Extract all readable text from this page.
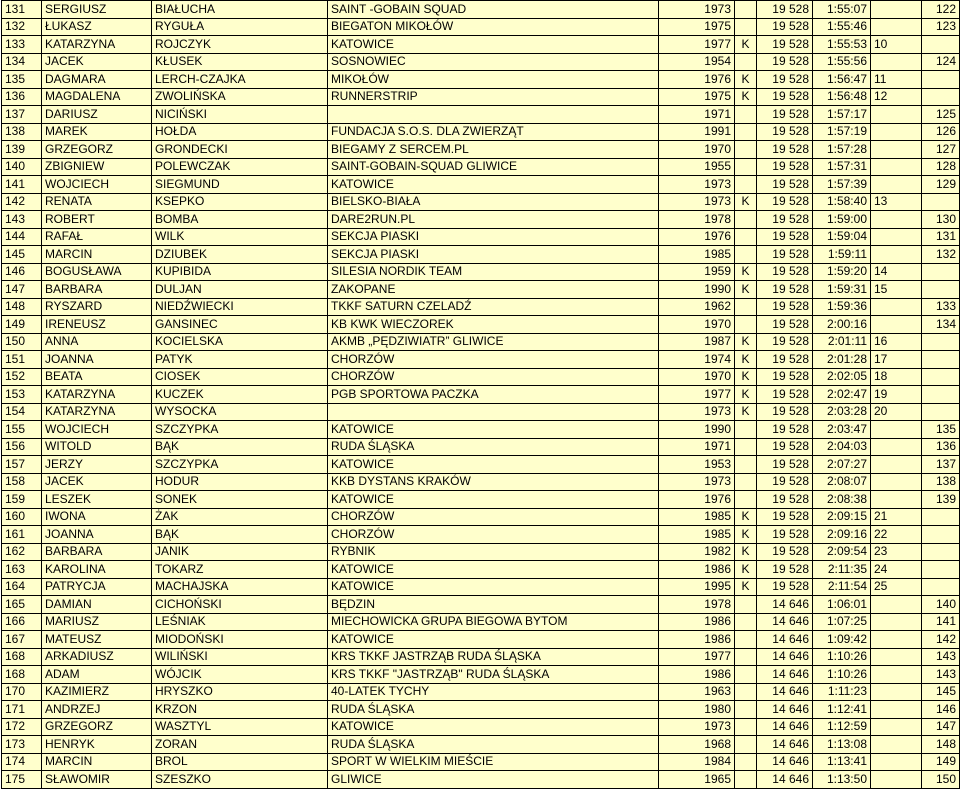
131	SERGIUSZ	BIAŁUCHA	SAINT -GOBAIN SQUAD	1973		19 528	1:55:07		122
132	ŁUKASZ	RYGUŁA	BIEGATON MIKOŁÓW	1975		19 528	1:55:46		123
133	KATARZYNA	ROJCZYK	KATOWICE	1977	K	19 528	1:55:53	10	
134	JACEK	KŁUSEK	SOSNOWIEC	1954		19 528	1:55:56		124
135	DAGMARA	LERCH-CZAJKA	MIKOŁÓW	1976	K	19 528	1:56:47	11	
136	MAGDALENA	ZWOLIŃSKA	RUNNERSTRIP	1975	K	19 528	1:56:48	12	
137	DARIUSZ	NICIŃSKI		1971		19 528	1:57:17		125
138	MAREK	HOŁDA	FUNDACJA S.O.S. DLA ZWIERZĄT	1991		19 528	1:57:19		126
139	GRZEGORZ	GRONDECKI	BIEGAMY Z SERCEM.PL	1970		19 528	1:57:28		127
140	ZBIGNIEW	POLEWCZAK	SAINT-GOBAIN-SQUAD GLIWICE	1955		19 528	1:57:31		128
141	WOJCIECH	SIEGMUND	KATOWICE	1973		19 528	1:57:39		129
142	RENATA	KSEPKO	BIELSKO-BIAŁA	1973	K	19 528	1:58:40	13	
143	ROBERT	BOMBA	DARE2RUN.PL	1978		19 528	1:59:00		130
144	RAFAŁ	WILK	SEKCJA PIASKI	1976		19 528	1:59:04		131
145	MARCIN	DZIUBEK	SEKCJA PIASKI	1985		19 528	1:59:11		132
146	BOGUSŁAWA	KUPIBIDA	SILESIA NORDIK TEAM	1959	K	19 528	1:59:20	14	
147	BARBARA	DULJAN	ZAKOPANE	1990	K	19 528	1:59:31	15	
148	RYSZARD	NIEDŹWIECKI	TKKF SATURN CZELADŹ	1962		19 528	1:59:36		133
149	IRENEUSZ	GANSINEC	KB KWK WIECZOREK	1970		19 528	2:00:16		134
150	ANNA	KOCIELSKA	AKMB „PĘDZIWIATR” GLIWICE	1987	K	19 528	2:01:11	16	
151	JOANNA	PATYK	CHORZÓW	1974	K	19 528	2:01:28	17	
152	BEATA	CIOSEK	CHORZÓW	1970	K	19 528	2:02:05	18	
153	KATARZYNA	KUCZEK	PGB SPORTOWA PACZKA	1977	K	19 528	2:02:47	19	
154	KATARZYNA	WYSOCKA		1973	K	19 528	2:03:28	20	
155	WOJCIECH	SZCZYPKA	KATOWICE	1990		19 528	2:03:47		135
156	WITOLD	BĄK	RUDA ŚLĄSKA	1971		19 528	2:04:03		136
157	JERZY	SZCZYPKA	KATOWICE	1953		19 528	2:07:27		137
158	JACEK	HODUR	KKB DYSTANS KRAKÓW	1973		19 528	2:08:07		138
159	LESZEK	SONEK	KATOWICE	1976		19 528	2:08:38		139
160	IWONA	ŻAK	CHORZÓW	1985	K	19 528	2:09:15	21	
161	JOANNA	BĄK	CHORZÓW	1985	K	19 528	2:09:16	22	
162	BARBARA	JANIK	RYBNIK	1982	K	19 528	2:09:54	23	
163	KAROLINA	TOKARZ	KATOWICE	1986	K	19 528	2:11:35	24	
164	PATRYCJA	MACHAJSKA	KATOWICE	1995	K	19 528	2:11:54	25	
165	DAMIAN	CICHOŃSKI	BĘDZIN	1978		14 646	1:06:01		140
166	MARIUSZ	LEŚNIAK	MIECHOWICKA GRUPA BIEGOWA BYTOM	1986		14 646	1:07:25		141
167	MATEUSZ	MIODOŃSKI	KATOWICE	1986		14 646	1:09:42		142
168	ARKADIUSZ	WILIŃSKI	KRS TKKF JASTRZĄB RUDA ŚLĄSKA	1977		14 646	1:10:26		143
168	ADAM	WÓJCIK	KRS TKKF "JASTRZĄB" RUDA ŚLĄSKA	1986		14 646	1:10:26		143
170	KAZIMIERZ	HRYSZKO	40-LATEK TYCHY	1963		14 646	1:11:23		145
171	ANDRZEJ	KRZON	RUDA ŚLĄSKA	1980		14 646	1:12:41		146
172	GRZEGORZ	WASZTYL	KATOWICE	1973		14 646	1:12:59		147
173	HENRYK	ZORAN	RUDA ŚLĄSKA	1968		14 646	1:13:08		148
174	MARCIN	BROL	SPORT W WIELKIM MIEŚCIE	1984		14 646	1:13:41		149
175	SŁAWOMIR	SZESZKO	GLIWICE	1965		14 646	1:13:50		150
